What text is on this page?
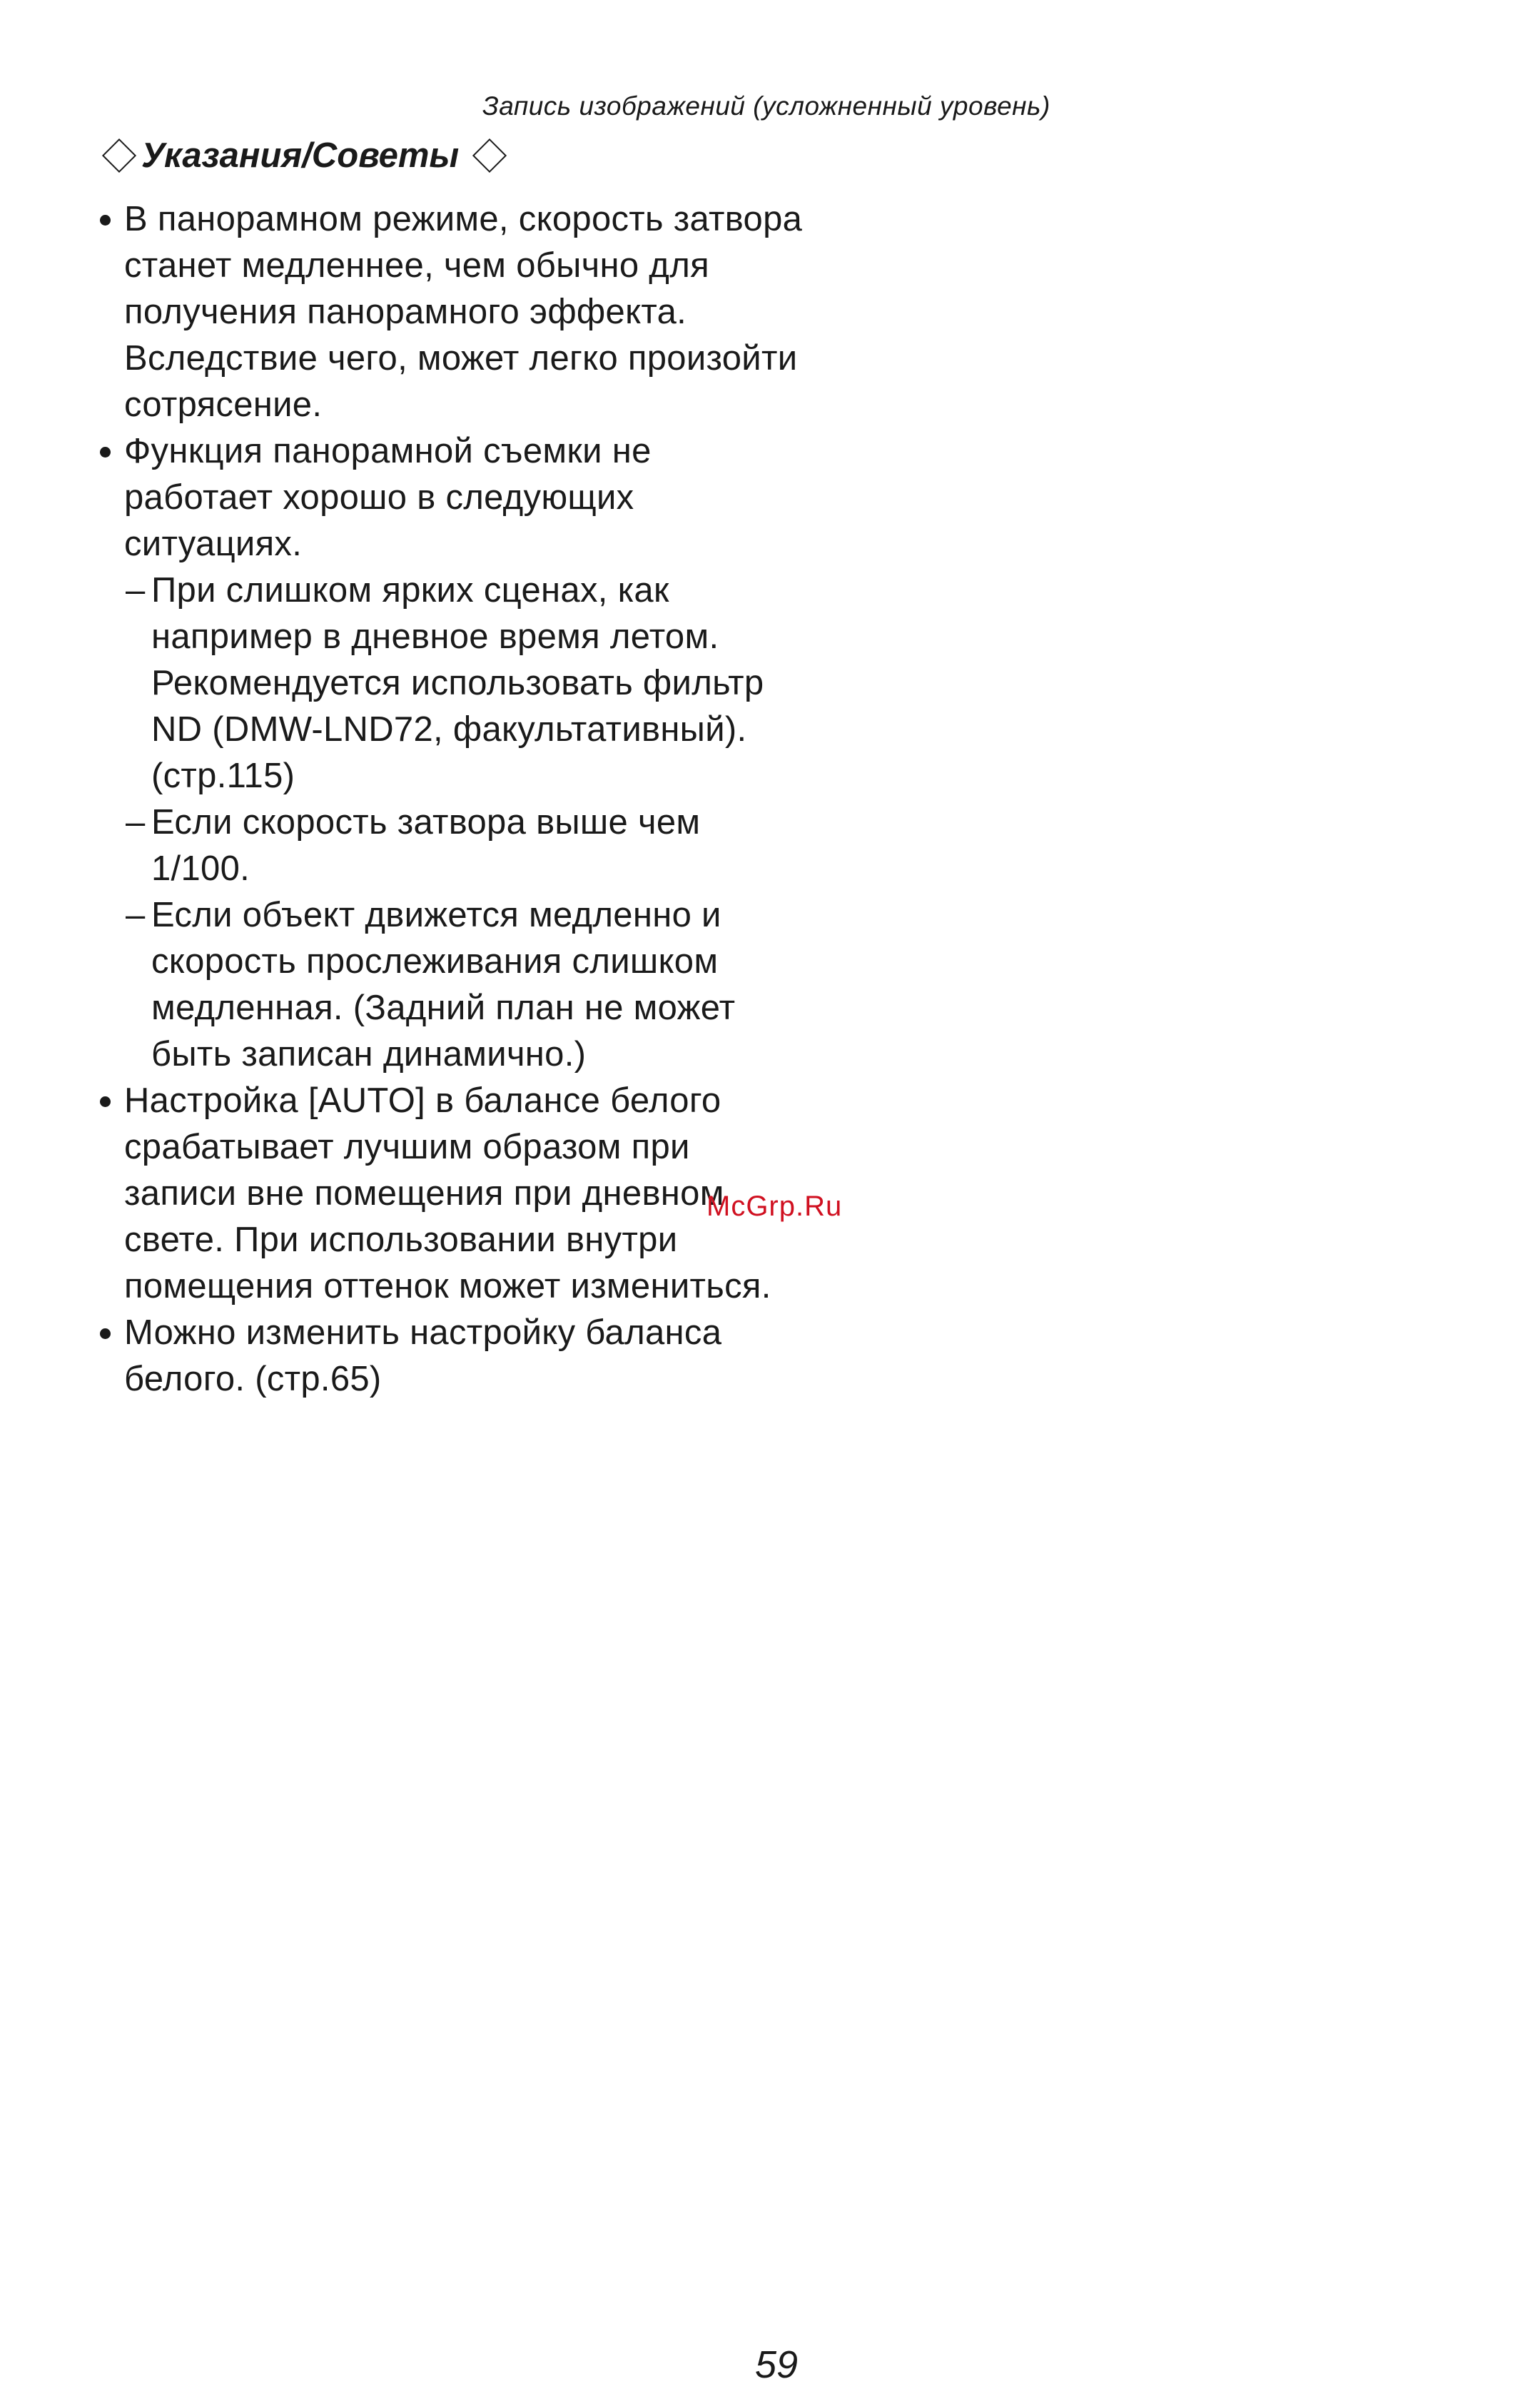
Запись изображений (усложненный уровень)
Указания/Советы
В панорамном режиме, скорость затвора станет медленнее, чем обычно для получения панорамного эффекта. Вследствие чего, может легко произойти сотрясение.
Функция панорамной съемки не работает хорошо в следующих ситуациях.
– При слишком ярких сценах, как например в дневное время летом. Рекомендуется использовать фильтр ND (DMW-LND72, факультативный). (стр.115)
– Если скорость затвора выше чем 1/100.
– Если объект движется медленно и скорость прослеживания слишком медленная. (Задний план не может быть записан динамично.)
Настройка [AUTO] в балансе белого срабатывает лучшим образом при записи вне помещения при дневном свете. При использовании внутри помещения оттенок может измениться.
Можно изменить настройку баланса белого. (стр.65)
McGrp.Ru
59
